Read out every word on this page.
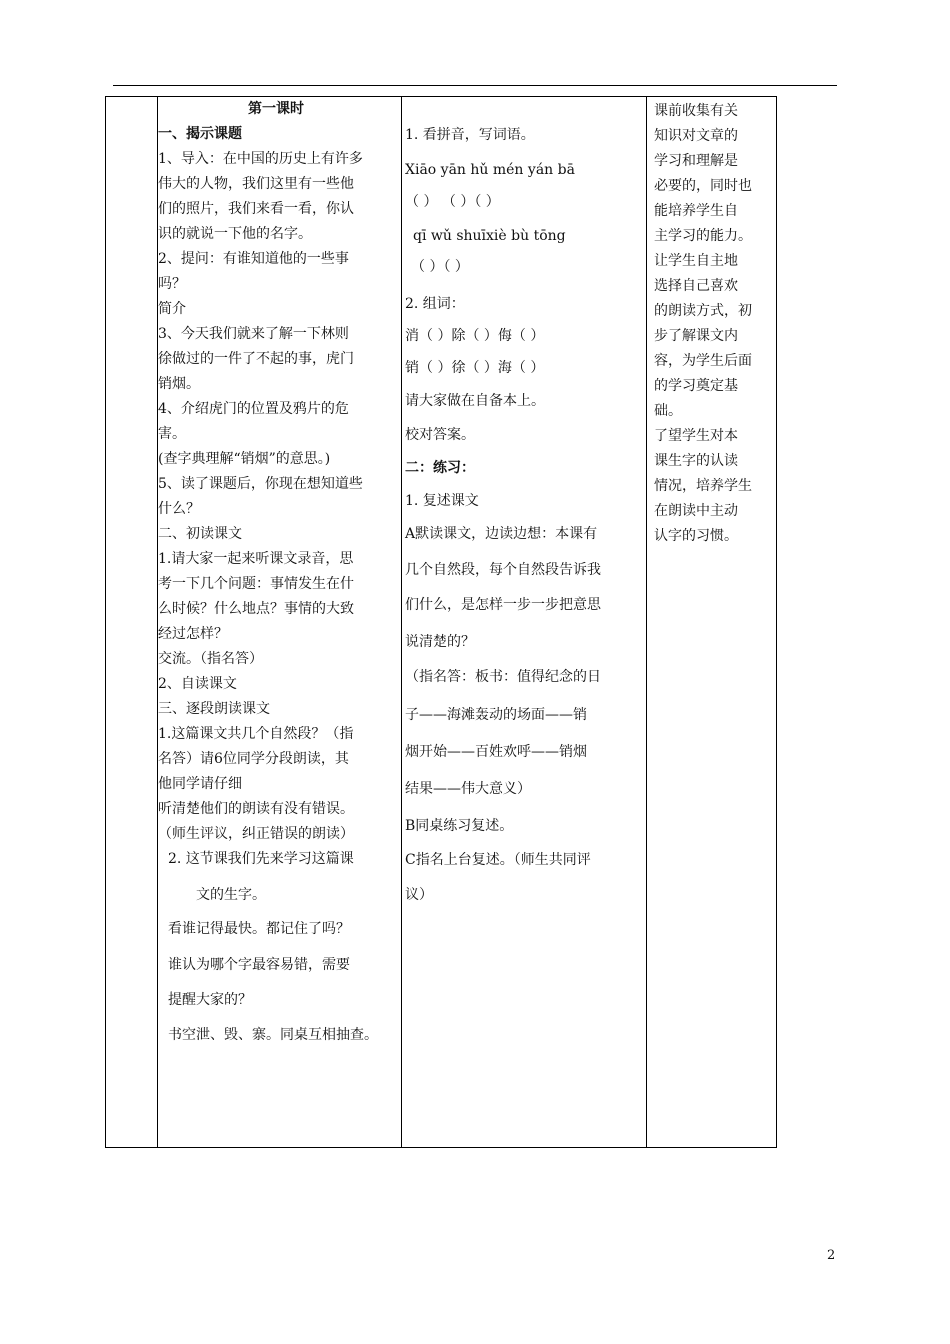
第一课时
一、揭示课题
1、导入：在中国的历史上有许多
伟大的人物，我们这里有一些他
们的照片，我们来看一看，你认
识的就说一下他的名字。
2、提问：有谁知道他的一些事
吗？
简介
3、今天我们就来了解一下林则
徐做过的一件了不起的事，虎门
销烟。
4、介绍虎门的位置及鸦片的危
害。
(查字典理解“销烟”的意思。)
5、读了课题后，你现在想知道些
什么？
二、初读课文
1.请大家一起来听课文录音，思
考一下几个问题：事情发生在什
么时候？什么地点？事情的大致
经过怎样？
交流。（指名答）
2、自读课文
三、逐段朗读课文
1.这篇课文共几个自然段？（指
名答）请6位同学分段朗读，其
他同学请仔细
听清楚他们的朗读有没有错误。
（师生评议，纠正错误的朗读）
2. 这节课我们先来学习这篇课
文的生字。
看谁记得最快。都记住了吗？
谁认为哪个字最容易错，需要
提醒大家的？
书空泄、毁、寨。同桌互相抽查。
1. 看拼音，写词语。
Xiāo yān hǔ mén yán bā
（ ） （ ）（ ）
qī wǔ shuīxiè bù tōng
（ ）（ ）
2. 组词：
消（ ）除（ ）侮（ ）
销（ ）徐（ ）海（ ）
请大家做在自备本上。
校对答案。
二：练习：
1. 复述课文
A默读课文，边读边想：本课有
几个自然段，每个自然段告诉我
们什么，是怎样一步一步把意思
说清楚的？
（指名答：板书：值得纪念的日
子——海滩轰动的场面——销
烟开始——百姓欢呼——销烟
结果——伟大意义）
B同桌练习复述。
C指名上台复述。（师生共同评
议）
课前收集有关
知识对文章的
学习和理解是
必要的，同时也
能培养学生自
主学习的能力。
让学生自主地
选择自己喜欢
的朗读方式，初
步了解课文内
容，为学生后面
的学习奠定基
础。
了望学生对本
课生字的认读
情况，培养学生
在朗读中主动
认字的习惯。
2
